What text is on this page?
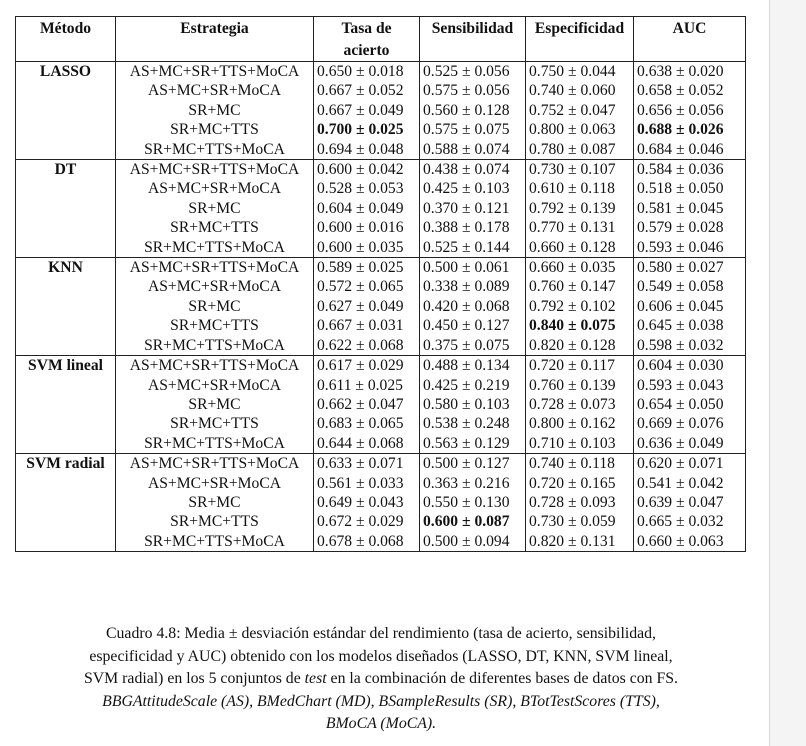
Método	Estrategia	Tasa de	Sensibilidad	Especificidad	AUC
		acierto			
LASSO	AS+MC+SR+TTS+MoCA	0.650 ± 0.018	0.525 ± 0.056	0.750 ± 0.044	0.638 ± 0.020
	AS+MC+SR+MoCA	0.667 ± 0.052	0.575 ± 0.056	0.740 ± 0.060	0.658 ± 0.052
	SR+MC	0.667 ± 0.049	0.560 ± 0.128	0.752 ± 0.047	0.656 ± 0.056
	SR+MC+TTS	0.700 ± 0.025	0.575 ± 0.075	0.800 ± 0.063	0.688 ± 0.026
	SR+MC+TTS+MoCA	0.694 ± 0.048	0.588 ± 0.074	0.780 ± 0.087	0.684 ± 0.046
DT	AS+MC+SR+TTS+MoCA	0.600 ± 0.042	0.438 ± 0.074	0.730 ± 0.107	0.584 ± 0.036
	AS+MC+SR+MoCA	0.528 ± 0.053	0.425 ± 0.103	0.610 ± 0.118	0.518 ± 0.050
	SR+MC	0.604 ± 0.049	0.370 ± 0.121	0.792 ± 0.139	0.581 ± 0.045
	SR+MC+TTS	0.600 ± 0.016	0.388 ± 0.178	0.770 ± 0.131	0.579 ± 0.028
	SR+MC+TTS+MoCA	0.600 ± 0.035	0.525 ± 0.144	0.660 ± 0.128	0.593 ± 0.046
KNN	AS+MC+SR+TTS+MoCA	0.589 ± 0.025	0.500 ± 0.061	0.660 ± 0.035	0.580 ± 0.027
	AS+MC+SR+MoCA	0.572 ± 0.065	0.338 ± 0.089	0.760 ± 0.147	0.549 ± 0.058
	SR+MC	0.627 ± 0.049	0.420 ± 0.068	0.792 ± 0.102	0.606 ± 0.045
	SR+MC+TTS	0.667 ± 0.031	0.450 ± 0.127	0.840 ± 0.075	0.645 ± 0.038
	SR+MC+TTS+MoCA	0.622 ± 0.068	0.375 ± 0.075	0.820 ± 0.128	0.598 ± 0.032
SVM lineal	AS+MC+SR+TTS+MoCA	0.617 ± 0.029	0.488 ± 0.134	0.720 ± 0.117	0.604 ± 0.030
	AS+MC+SR+MoCA	0.611 ± 0.025	0.425 ± 0.219	0.760 ± 0.139	0.593 ± 0.043
	SR+MC	0.662 ± 0.047	0.580 ± 0.103	0.728 ± 0.073	0.654 ± 0.050
	SR+MC+TTS	0.683 ± 0.065	0.538 ± 0.248	0.800 ± 0.162	0.669 ± 0.076
	SR+MC+TTS+MoCA	0.644 ± 0.068	0.563 ± 0.129	0.710 ± 0.103	0.636 ± 0.049
SVM radial	AS+MC+SR+TTS+MoCA	0.633 ± 0.071	0.500 ± 0.127	0.740 ± 0.118	0.620 ± 0.071
	AS+MC+SR+MoCA	0.561 ± 0.033	0.363 ± 0.216	0.720 ± 0.165	0.541 ± 0.042
	SR+MC	0.649 ± 0.043	0.550 ± 0.130	0.728 ± 0.093	0.639 ± 0.047
	SR+MC+TTS	0.672 ± 0.029	0.600 ± 0.087	0.730 ± 0.059	0.665 ± 0.032
	SR+MC+TTS+MoCA	0.678 ± 0.068	0.500 ± 0.094	0.820 ± 0.131	0.660 ± 0.063
Cuadro 4.8: Media ± desviación estándar del rendimiento (tasa de acierto, sensibilidad,
especificidad y AUC) obtenido con los modelos diseñados (LASSO, DT, KNN, SVM lineal,
SVM radial) en los 5 conjuntos de test en la combinación de diferentes bases de datos con FS.
BBGAttitudeScale (AS), BMedChart (MD), BSampleResults (SR), BTotTestScores (TTS),
BMoCA (MoCA).
